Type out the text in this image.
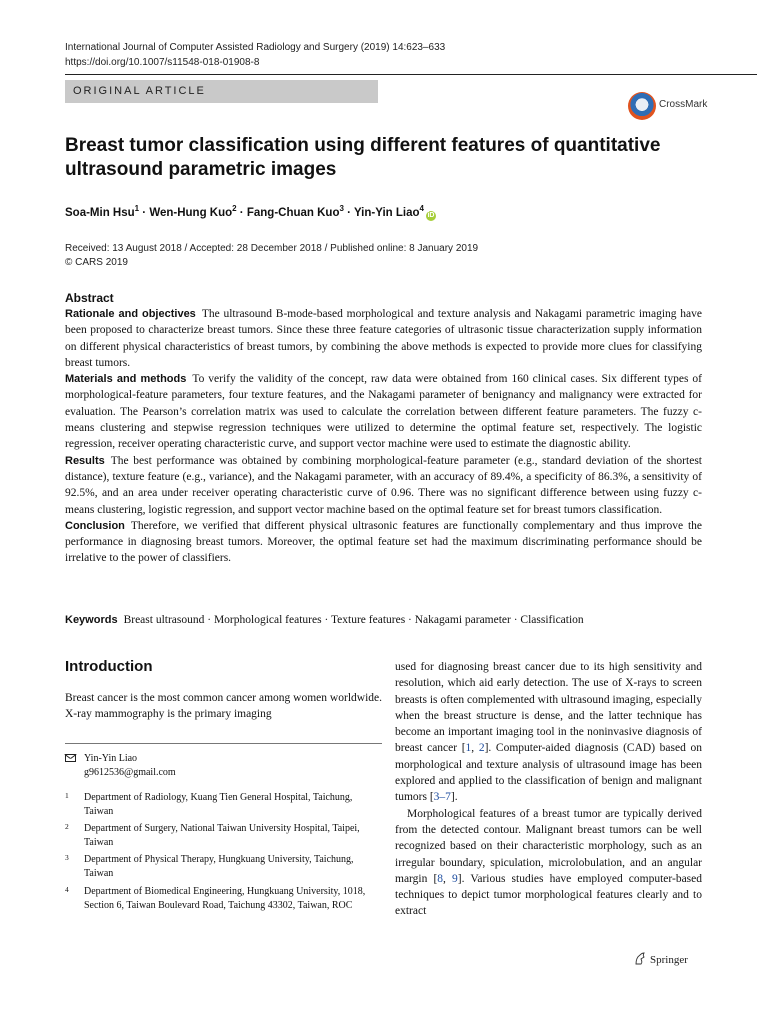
International Journal of Computer Assisted Radiology and Surgery (2019) 14:623–633
https://doi.org/10.1007/s11548-018-01908-8
ORIGINAL ARTICLE
CrossMark
Breast tumor classification using different features of quantitative ultrasound parametric images
Soa-Min Hsu$^1$ · Wen-Hung Kuo$^2$ · Fang-Chuan Kuo$^3$ · Yin-Yin Liao$^4$iD
Received: 13 August 2018 / Accepted: 28 December 2018 / Published online: 8 January 2019
© CARS 2019
Abstract

Rationale and objectives The ultrasound B-mode-based morphological and texture analysis and Nakagami parametric imaging have been proposed to characterize breast tumors. Since these three feature categories of ultrasonic tissue characterization supply information on different physical characteristics of breast tumors, by combining the above methods is expected to provide more clues for classifying breast tumors.

Materials and methods To verify the validity of the concept, raw data were obtained from 160 clinical cases. Six different types of morphological-feature parameters, four texture features, and the Nakagami parameter of benignancy and malignancy were extracted for evaluation. The Pearson’s correlation matrix was used to calculate the correlation between different feature parameters. The fuzzy c-means clustering and stepwise regression techniques were utilized to determine the optimal feature set, respectively. The logistic regression, receiver operating characteristic curve, and support vector machine were used to estimate the diagnostic ability.

Results The best performance was obtained by combining morphological-feature parameter (e.g., standard deviation of the shortest distance), texture feature (e.g., variance), and the Nakagami parameter, with an accuracy of 89.4%, a specificity of 86.3%, a sensitivity of 92.5%, and an area under receiver operating characteristic curve of 0.96. There was no significant difference between using fuzzy c-means clustering, logistic regression, and support vector machine based on the optimal feature set for breast tumors classification.

Conclusion Therefore, we verified that different physical ultrasonic features are functionally complementary and thus improve the performance in diagnosing breast tumors. Moreover, the optimal feature set had the maximum discriminating performance should be irrelative to the power of classifiers.

Keywords Breast ultrasound · Morphological features · Texture features · Nakagami parameter · Classification
Introduction
Breast cancer is the most common cancer among women worldwide. X-ray mammography is the primary imaging
Yin-Yin Liao
g9612536@gmail.com
1 Department of Radiology, Kuang Tien General Hospital, Taichung, Taiwan
2 Department of Surgery, National Taiwan University Hospital, Taipei, Taiwan
3 Department of Physical Therapy, Hungkuang University, Taichung, Taiwan
4 Department of Biomedical Engineering, Hungkuang University, 1018, Section 6, Taiwan Boulevard Road, Taichung 43302, Taiwan, ROC

used for diagnosing breast cancer due to its high sensitivity and resolution, which aid early detection. The use of X-rays to screen breasts is often complemented with ultrasound imaging, especially when the breast structure is dense, and the latter technique has become an important imaging tool in the noninvasive diagnosis of breast cancer [1, 2]. Computer-aided diagnosis (CAD) based on morphological and texture analysis of ultrasound image has been explored and applied to the classification of benign and malignant tumors [3–7].

Morphological features of a breast tumor are typically derived from the detected contour. Malignant breast tumors can be well recognized based on their characteristic morphology, such as an irregular boundary, spiculation, microlobulation, and an angular margin [8, 9]. Various studies have employed computer-based techniques to depict tumor morphological features clearly and to extract

Springer
